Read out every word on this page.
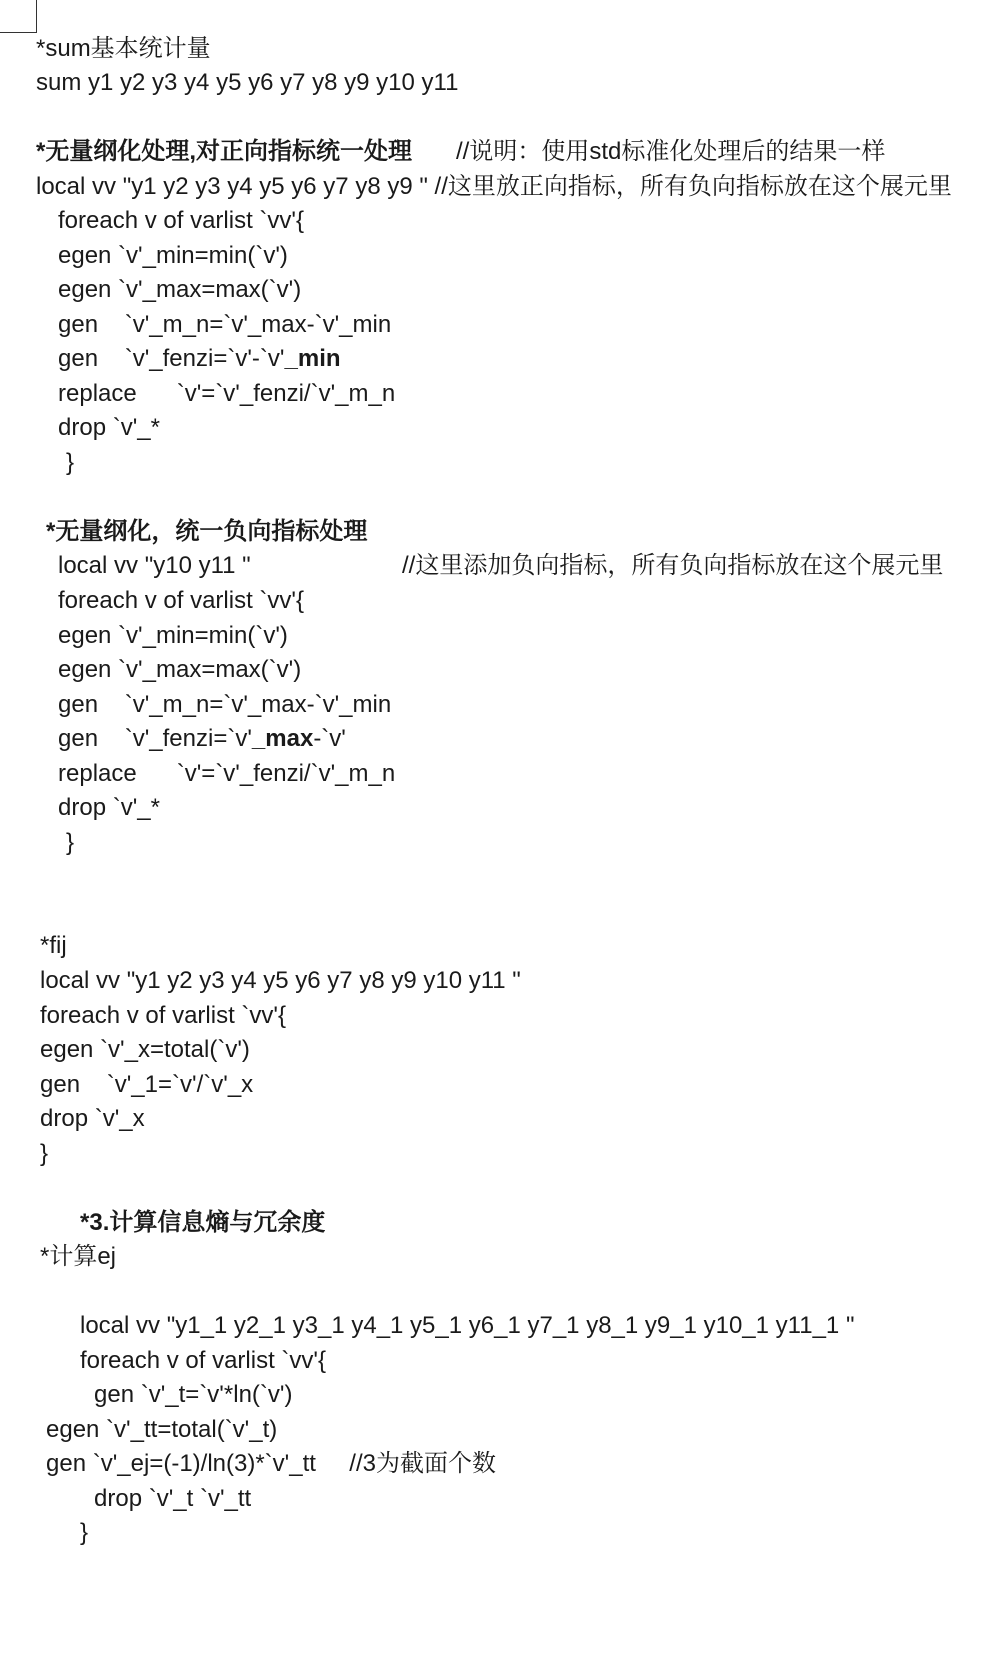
*sum基本统计量
sum y1 y2 y3 y4 y5 y6 y7 y8 y9 y10 y11
*无量纲化处理,对正向指标统一处理 //说明：使用std标准化处理后的结果一样
local vv "y1 y2 y3 y4 y5 y6 y7 y8 y9 " //这里放正向指标，所有负向指标放在这个展元里
foreach v of varlist `vv'{
egen `v'_min=min(`v')
egen `v'_max=max(`v')
gen    `v'_m_n=`v'_max-`v'_min
gen    `v'_fenzi=`v'-`v'_min
replace      `v'=`v'_fenzi/`v'_m_n
drop `v'_*
}
*无量纲化，统一负向指标处理
local vv "y10 y11 "	//这里添加负向指标，所有负向指标放在这个展元里
foreach v of varlist `vv'{
egen `v'_min=min(`v')
egen `v'_max=max(`v')
gen    `v'_m_n=`v'_max-`v'_min
gen    `v'_fenzi=`v'_max-`v'
replace      `v'=`v'_fenzi/`v'_m_n
drop `v'_*
}
*fij
local vv "y1 y2 y3 y4 y5 y6 y7 y8 y9 y10 y11 "
foreach v of varlist `vv'{
egen `v'_x=total(`v')
gen    `v'_1=`v'/`v'_x
drop `v'_x
}
*3.计算信息熵与冗余度
*计算ej
local vv "y1_1 y2_1 y3_1 y4_1 y5_1 y6_1 y7_1 y8_1 y9_1 y10_1 y11_1 "
foreach v of varlist `vv'{
gen `v'_t=`v'*ln(`v')
egen `v'_tt=total(`v'_t)
gen `v'_ej=(-1)/ln(3)*`v'_tt     //3为截面个数
drop `v'_t `v'_tt
}
